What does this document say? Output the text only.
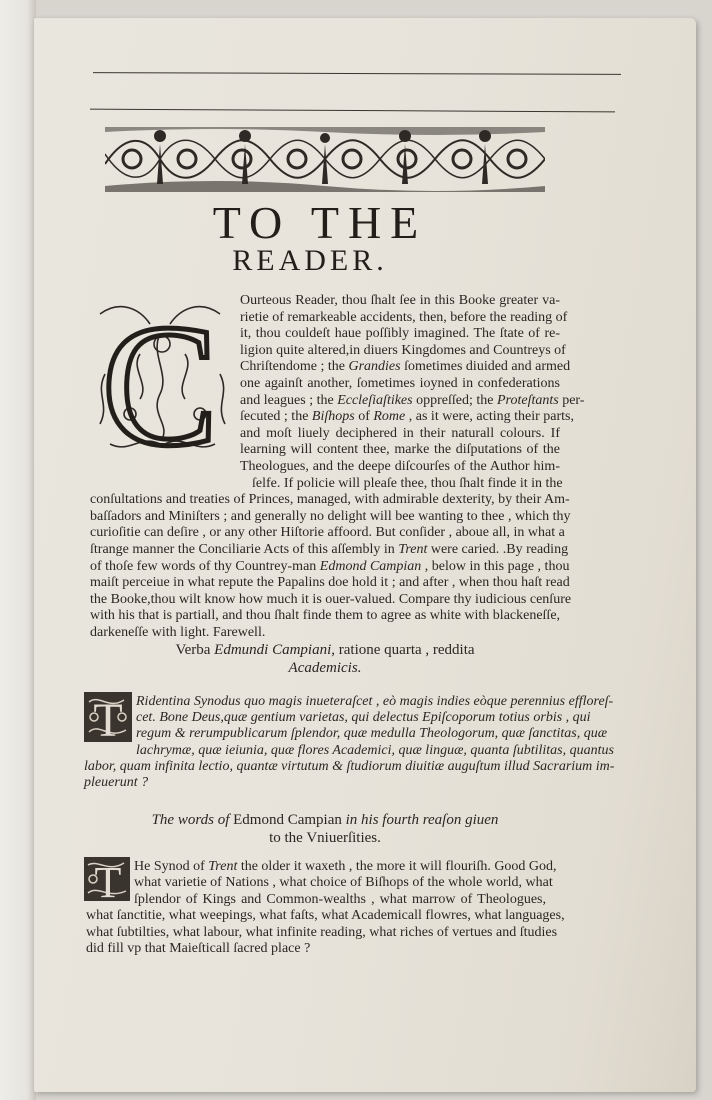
TO THE
READER.
C Ourteous Reader, thou ſhalt ſee in this Booke greater va-
rietie of remarkeable accidents, then, before the reading of
it, thou couldeſt haue poſſibly imagined. The ſtate of re-
ligion quite altered,in diuers Kingdomes and Countreys of
Chriſtendome ; the Grandies ſometimes diuided and armed
one againſt another, ſometimes ioyned in confederations
and leagues ; the Eccleſiaſtikes oppreſſed; the Proteſtants per-
ſecuted ; the Biſhops of Rome , as it were, acting their parts,
and moſt liuely deciphered in their naturall colours. If
learning will content thee, marke the diſputations of the
Theologues, and the deepe diſcourſes of the Author him-
ſelfe. If policie will pleaſe thee, thou ſhalt finde it in the
conſultations and treaties of Princes, managed, with admirable dexterity, by their Am-
baſſadors and Miniſters ; and generally no delight will bee wanting to thee , which thy
curioſitie can deſire , or any other Hiſtorie affoord. But conſider , aboue all, in what a
ſtrange manner the Conciliarie Acts of this aſſembly in Trent were caried. .By reading
of thoſe few words of thy Countrey-man Edmond Campian , below in this page , thou
maiſt perceiue in what repute the Papalins doe hold it ; and after , when thou haſt read
the Booke,thou wilt know how much it is ouer-valued. Compare thy iudicious cenſure
with his that is partiall, and thou ſhalt finde them to agree as white with blackeneſſe,
darkeneſſe with light. Farewell.
Verba Edmundi Campiani, ratione quarta , reddita
Academicis.
T Ridentina Synodus quo magis inueteraſcet , eò magis indies eòque perennius effloreſ-
cet. Bone Deus,quæ gentium varietas, qui delectus Epiſcoporum totius orbis , qui
regum & rerumpublicarum ſplendor, quæ medulla Theologorum, quæ ſanctitas, quæ
lachrymæ, quæ ieiunia, quæ flores Academici, quæ linguæ, quanta ſubtilitas, quantus
labor, quam infinita lectio, quantæ virtutum & ſtudiorum diuitiæ auguſtum illud Sacrarium im-
pleuerunt ?
The words of Edmond Campian in his fourth reaſon giuen
to the Vniuerſities.
T He Synod of Trent the older it waxeth , the more it will flouriſh. Good God,
what varietie of Nations , what choice of Biſhops of the whole world, what
ſplendor of Kings and Common-wealths , what marrow of Theologues,
what ſanctitie, what weepings, what faſts, what Academicall flowres, what languages,
what ſubtilties, what labour, what infinite reading, what riches of vertues and ſtudies
did fill vp that Maieſticall ſacred place ?
